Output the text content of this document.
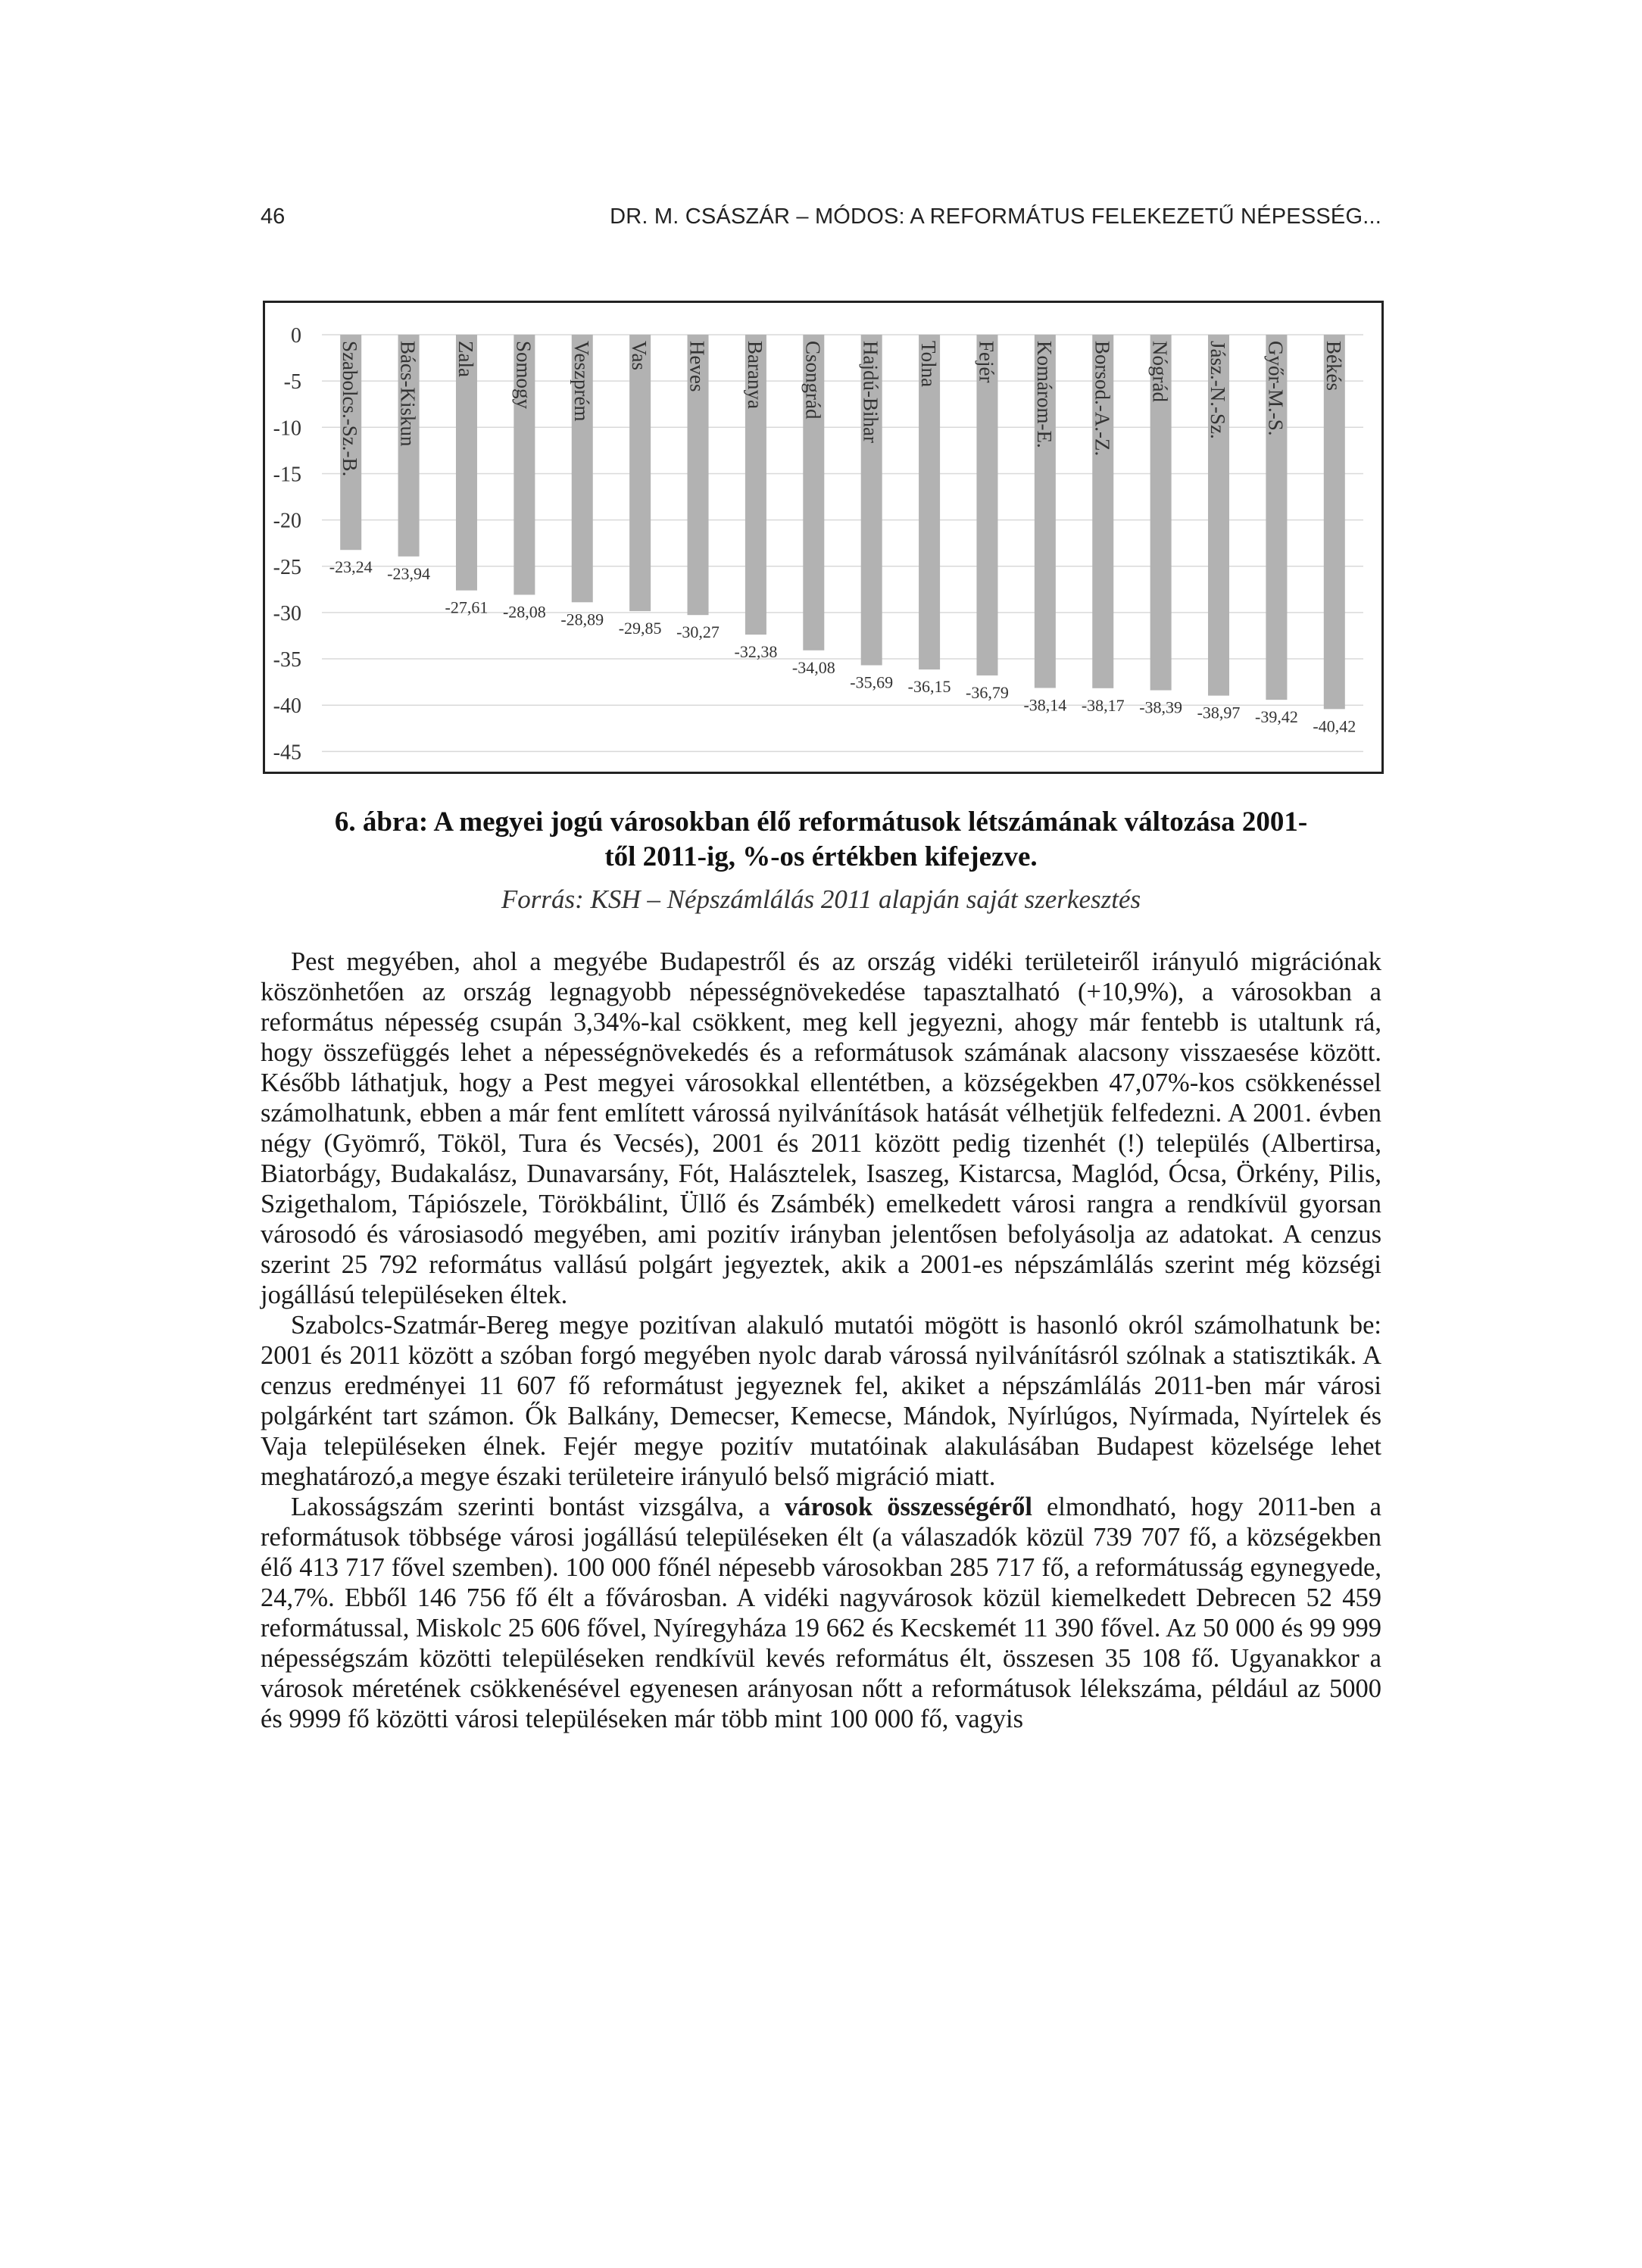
46	DR. M. CSÁSZÁR – MÓDOS: A REFORMÁTUS FELEKEZETŰ NÉPESSÉG...
0
-5
-10
-15
-20
-25
-30
-35
-40
-45
Szabolcs.-Sz.-B.
-23,24
Bács-Kiskun
-23,94
Zala
-27,61
Somogy
-28,08
Veszprém
-28,89
Vas
-29,85
Heves
-30,27
Baranya
-32,38
Csongrád
-34,08
Hajdú-Bihar
-35,69
Tolna
-36,15
Fejér
-36,79
Komárom-E.
-38,14
Borsod.-A.-Z.
-38,17
Nógrád
-38,39
Jász.-N.-Sz.
-38,97
Győr-M.-S.
-39,42
Békés
-40,42
6. ábra: A megyei jogú városokban élő reformátusok létszámának változása 2001-
től 2011-ig, %-os értékben kifejezve.
Forrás: KSH – Népszámlálás 2011 alapján saját szerkesztés

Pest megyében, ahol a megyébe Budapestről és az ország vidéki területeiről irányuló migrációnak köszönhetően az ország legnagyobb népességnövekedése tapasztalható (+10,9%), a városokban a református népesség csupán 3,34%-kal csökkent, meg kell jegyezni, ahogy már fentebb is utaltunk rá, hogy összefüggés lehet a népességnövekedés és a reformátusok számának alacsony visszaesése között. Később láthatjuk, hogy a Pest megyei városokkal ellentétben, a községekben 47,07%-kos csökkenéssel számolhatunk, ebben a már fent említett várossá nyilvánítások hatását vélhetjük felfedezni. A 2001. évben négy (Gyömrő, Tököl, Tura és Vecsés), 2001 és 2011 között pedig tizenhét (!) település (Albertirsa, Biatorbágy, Budakalász, Dunavarsány, Fót, Halásztelek, Isaszeg, Kistarcsa, Maglód, Ócsa, Örkény, Pilis, Szigethalom, Tápiószele, Törökbálint, Üllő és Zsámbék) emelkedett városi rangra a rendkívül gyorsan városodó és városiasodó megyében, ami pozitív irányban jelentősen befolyásolja az adatokat. A cenzus szerint 25 792 református vallású polgárt jegyeztek, akik a 2001-es népszámlálás szerint még községi jogállású településeken éltek.

Szabolcs-Szatmár-Bereg megye pozitívan alakuló mutatói mögött is hasonló okról számolhatunk be: 2001 és 2011 között a szóban forgó megyében nyolc darab várossá nyilvánításról szólnak a statisztikák. A cenzus eredményei 11 607 fő reformátust jegyeznek fel, akiket a népszámlálás 2011-ben már városi polgárként tart számon. Ők Balkány, Demecser, Kemecse, Mándok, Nyírlúgos, Nyírmada, Nyírtelek és Vaja településeken élnek. Fejér megye pozitív mutatóinak alakulásában Budapest közelsége lehet meghatározó,a megye északi területeire irányuló belső migráció miatt.

Lakosságszám szerinti bontást vizsgálva, a városok összességéről elmondható, hogy 2011-ben a reformátusok többsége városi jogállású településeken élt (a válaszadók közül 739 707 fő, a községekben élő 413 717 fővel szemben). 100 000 főnél népesebb városokban 285 717 fő, a reformátusság egynegyede, 24,7%. Ebből 146 756 fő élt a fővárosban. A vidéki nagyvárosok közül kiemelkedett Debrecen 52 459 reformátussal, Miskolc 25 606 fővel, Nyíregyháza 19 662 és Kecskemét 11 390 fővel. Az 50 000 és 99 999 népességszám közötti településeken rendkívül kevés református élt, összesen 35 108 fő. Ugyanakkor a városok méretének csökkenésével egyenesen arányosan nőtt a reformátusok lélekszáma, például az 5000 és 9999 fő közötti városi településeken már több mint 100 000 fő, vagyis
